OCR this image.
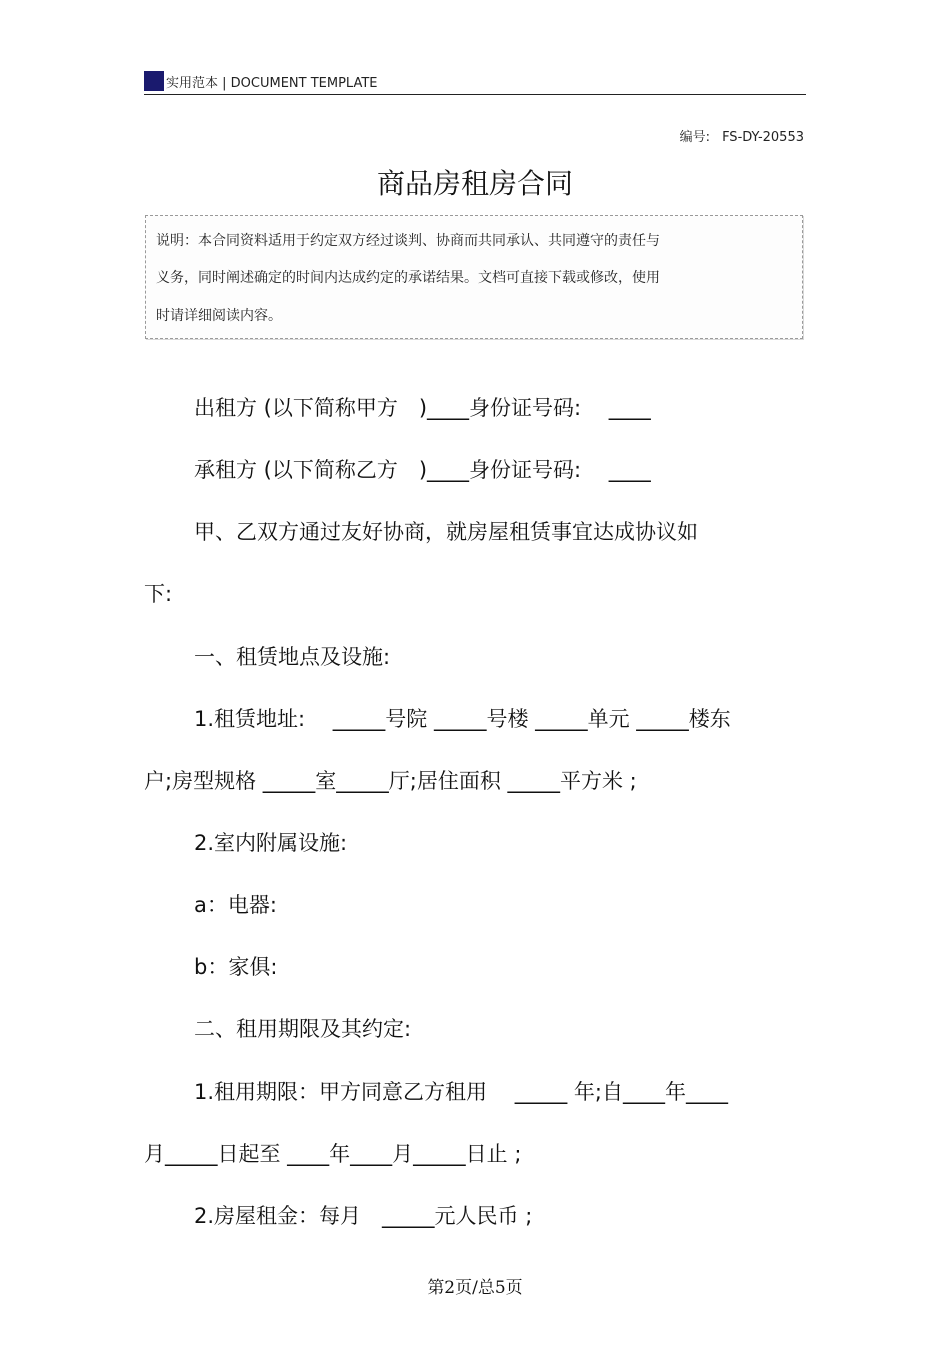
实用范本 | DOCUMENT TEMPLATE
编号: FS-DY-20553
商品房租房合同
说明：本合同资料适用于约定双方经过谈判、协商而共同承认、共同遵守的责任与
义务，同时阐述确定的时间内达成约定的承诺结果。文档可直接下载或修改，使用
时请详细阅读内容。
出租方 (以下简称甲方　)____身份证号码:　 ____
承租方 (以下简称乙方　)____身份证号码:　 ____
甲、乙双方通过友好协商，就房屋租赁事宜达成协议如
下:
一、租赁地点及设施:
1.租赁地址:　 _____号院 _____号楼 _____单元 _____楼东
户;房型规格 _____室_____厅;居住面积 _____平方米 ;
2.室内附属设施:
a：电器:
b：家俱:
二、租用期限及其约定:
1.租用期限：甲方同意乙方租用　 _____ 年;自____年____
月_____日起至 ____年____月_____日止 ;
2.房屋租金：每月　_____元人民币 ;
第2页/总5页
